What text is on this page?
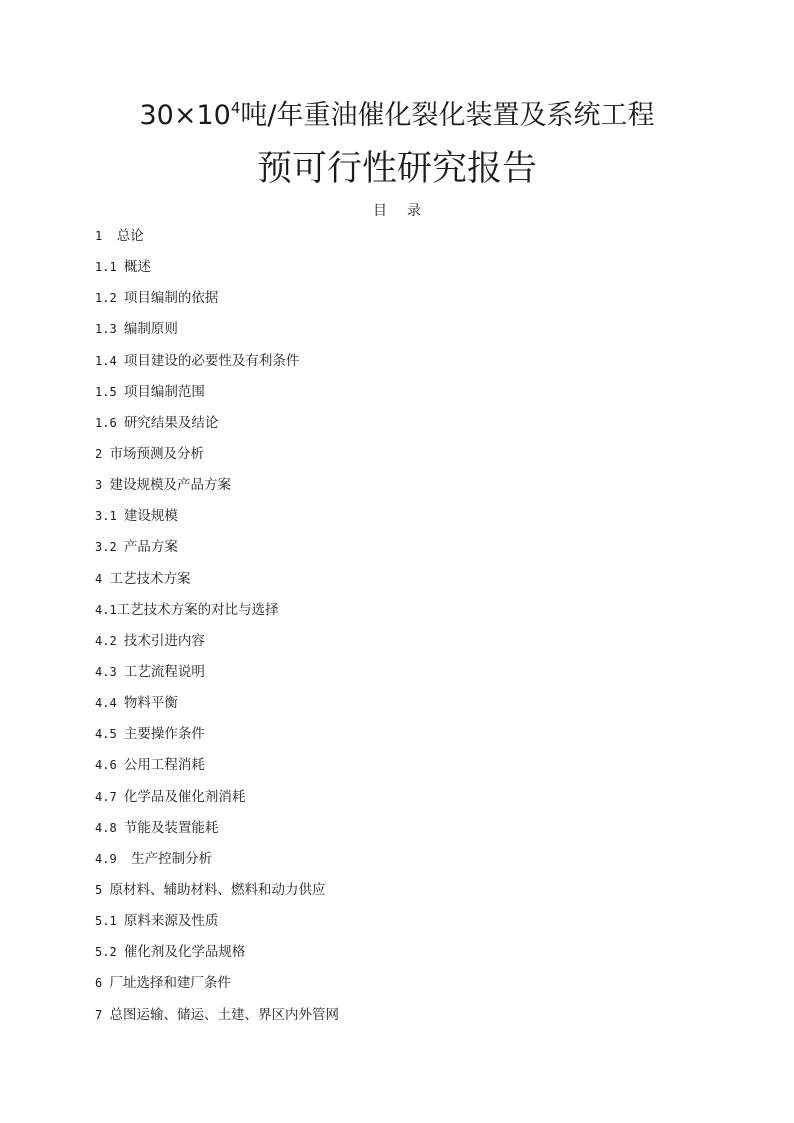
$30\times 10^4$吨/年重油催化裂化装置及系统工程
预可行性研究报告
目 录
1  总论
1.1 概述
1.2 项目编制的依据
1.3 编制原则
1.4 项目建设的必要性及有利条件
1.5 项目编制范围
1.6 研究结果及结论
2 市场预测及分析
3 建设规模及产品方案
3.1 建设规模
3.2 产品方案
4 工艺技术方案
4.1工艺技术方案的对比与选择
4.2 技术引进内容
4.3 工艺流程说明
4.4 物料平衡
4.5 主要操作条件
4.6 公用工程消耗
4.7 化学品及催化剂消耗
4.8 节能及装置能耗
4.9  生产控制分析
5 原材料、辅助材料、燃料和动力供应
5.1 原料来源及性质
5.2 催化剂及化学品规格
6 厂址选择和建厂条件
7 总图运输、储运、土建、界区内外管网
